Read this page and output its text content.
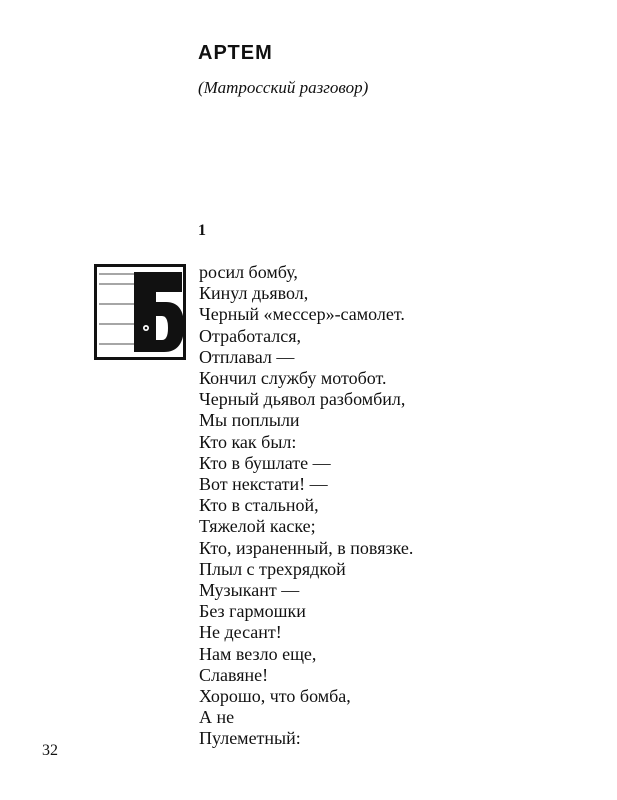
АРТЕМ
(Матросский разговор)
1
росил бомбу,
Кинул дьявол,
Черный «мессер»-самолет.
Отработался,
Отплавал —
Кончил службу мотобот.
Черный дьявол разбомбил,
Мы поплыли
Кто как был:
Кто в бушлате —
Вот некстати! —
Кто в стальной,
Тяжелой каске;
Кто, израненный, в повязке.
Плыл с трехрядкой
Музыкант —
Без гармошки
Не десант!
Нам везло еще,
Славяне!
Хорошо, что бомба,
А не
Пулеметный:
32
